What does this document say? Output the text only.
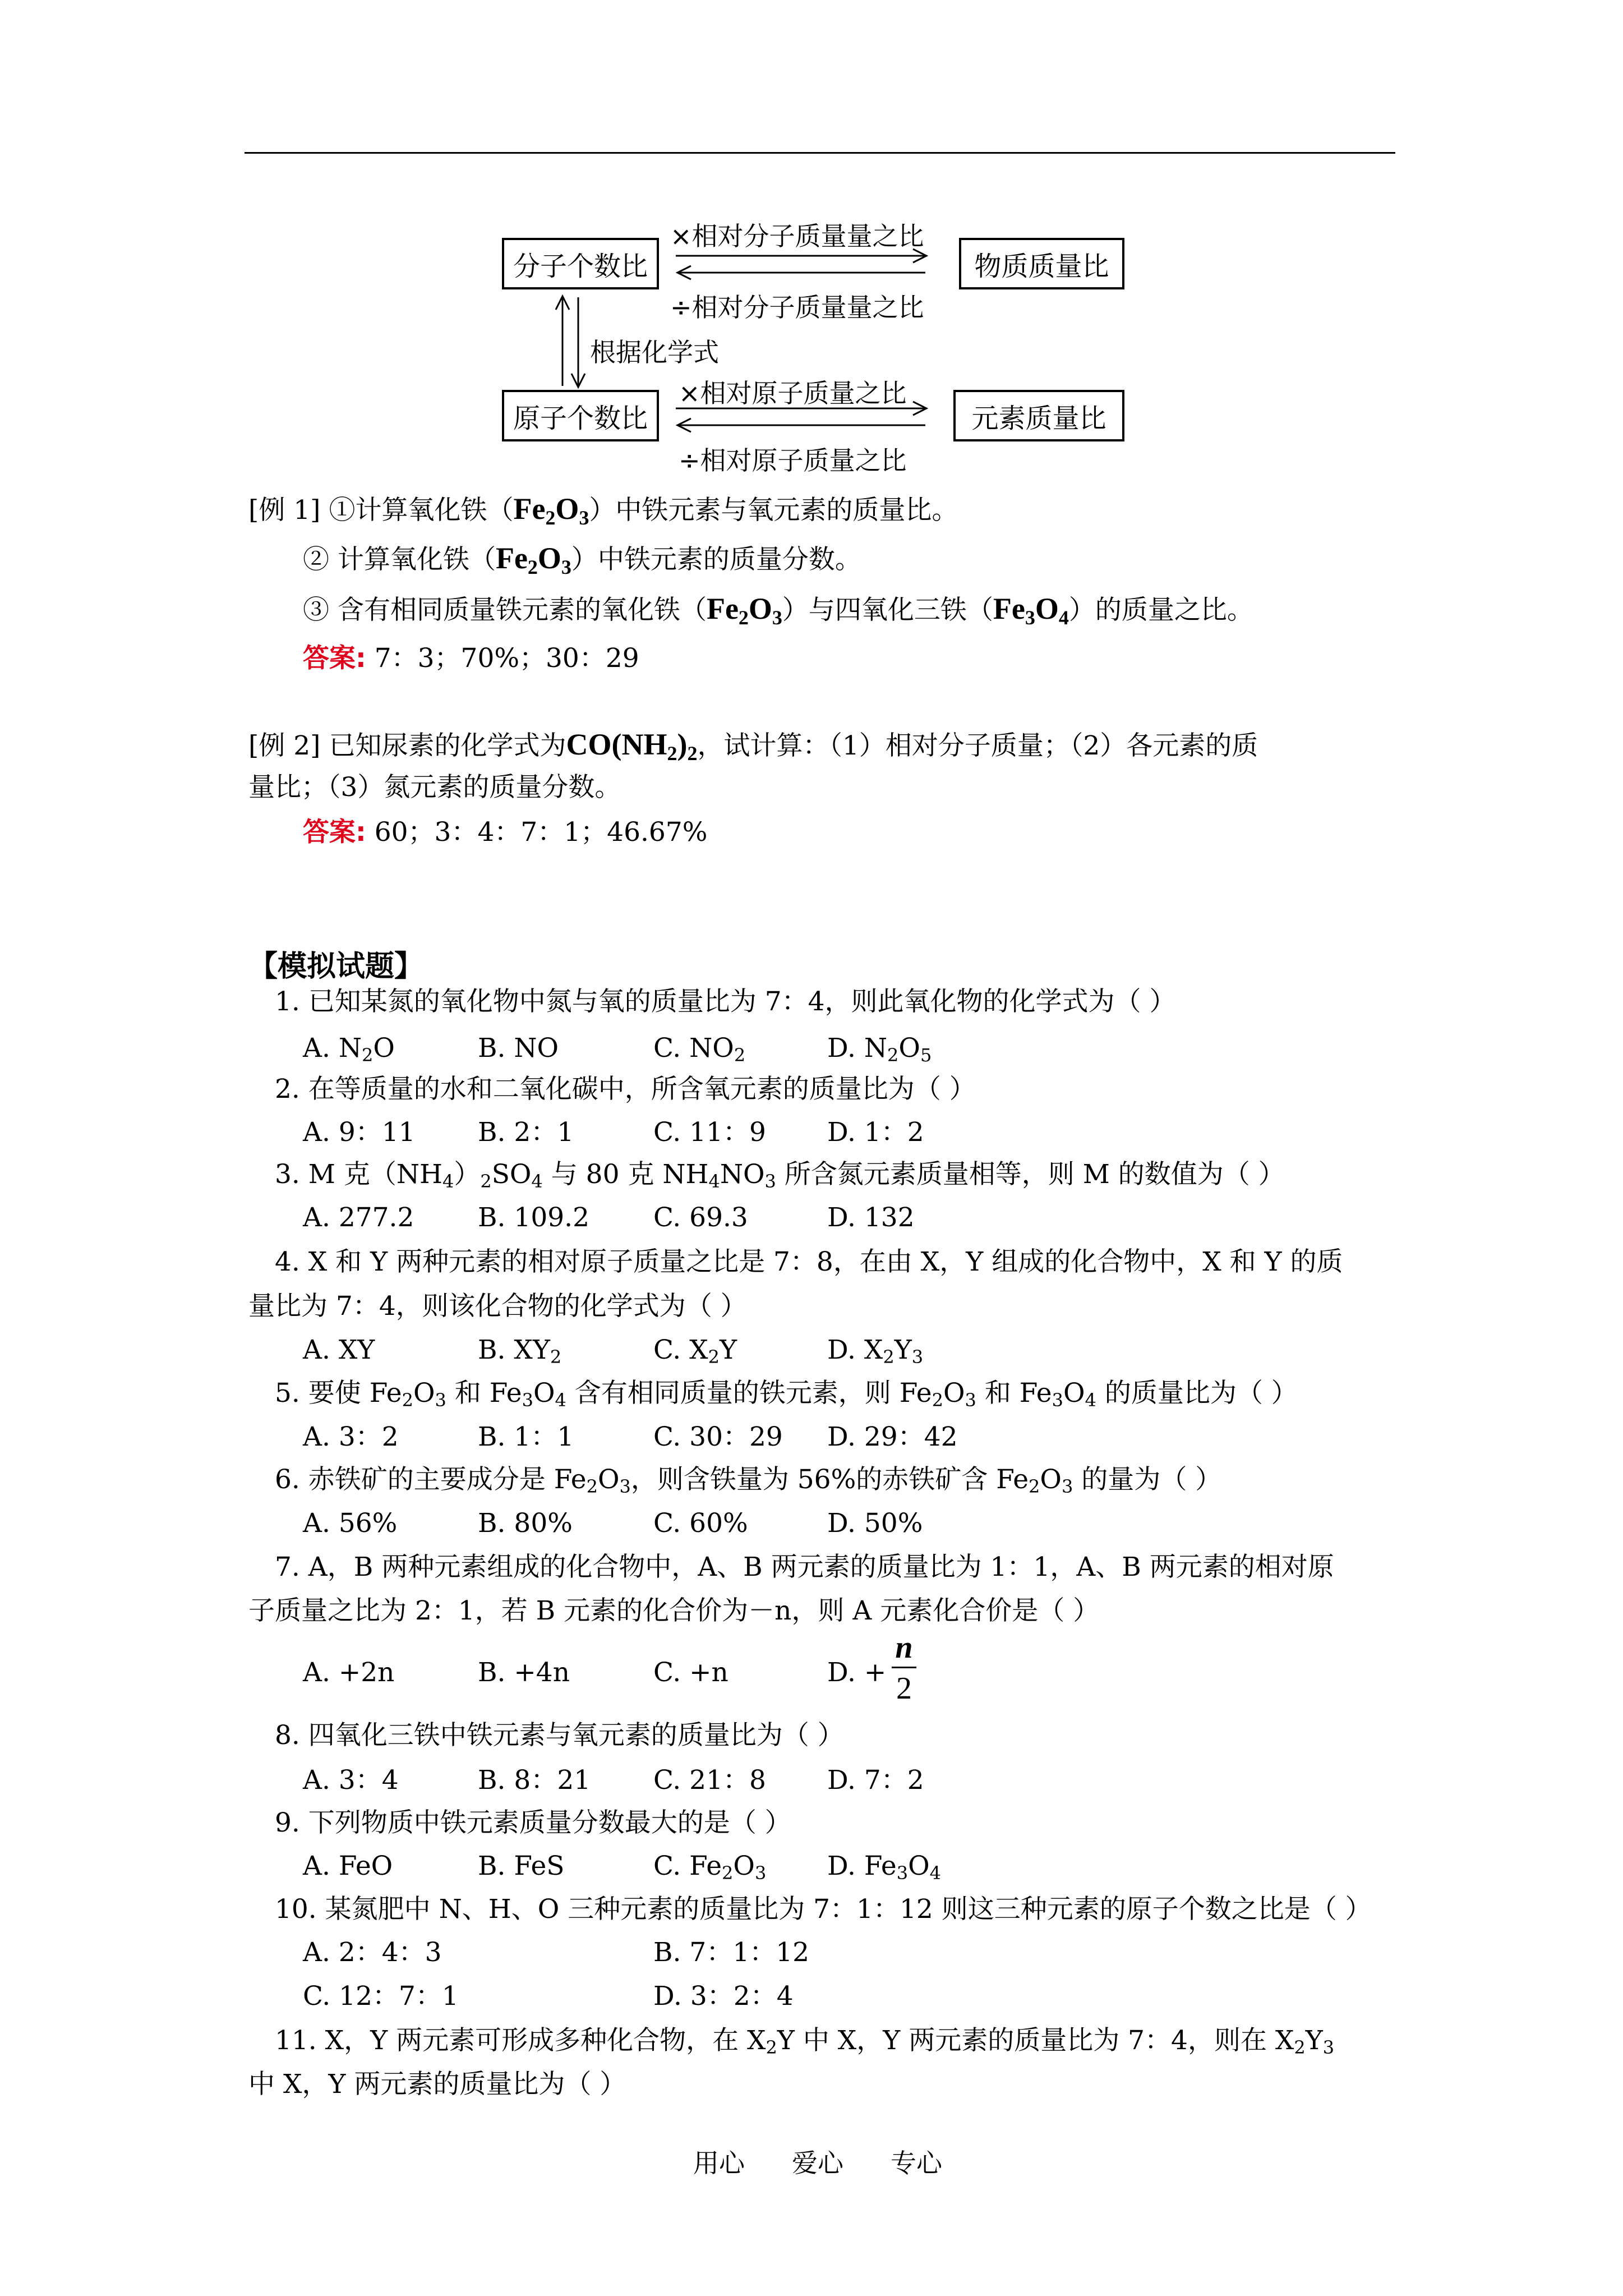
分子个数比	物质质量比
原子个数比	元素质量比
×相对分子质量量之比
÷相对分子质量量之比
根据化学式
×相对原子质量之比
÷相对原子质量之比
[例 1] ①计算氧化铁$(Fe_2O_3)$中铁元素与氧元素的质量比。
② 计算氧化铁$(Fe_2O_3)$中铁元素的质量分数。
③ 含有相同质量铁元素的氧化铁$(Fe_2O_3)$与四氧化三铁$(Fe_3O_4)$的质量之比。
答案: 7：3；70%；30：29
[例 2] 已知尿素的化学式为$CO(NH_2)_2$，试计算：（1）相对分子质量；（2）各元素的质
量比；（3）氮元素的质量分数。
答案: 60；3：4：7：1；46.67%
【模拟试题】
1. 已知某氮的氧化物中氮与氧的质量比为 7：4，则此氧化物的化学式为（ ）
A. $N_2O$	B. NO	C. $NO_2$	D. $N_2O_5$
2. 在等质量的水和二氧化碳中，所含氧元素的质量比为（ ）
A. 9：11 B. 2：1	C. 11：9 D. 1：2
3. M 克$(NH_4)_2SO_4$ 与 80 克 $NH_4NO_3$ 所含氮元素质量相等，则 M 的数值为（ ）
A. 277.2 B. 109.2 C. 69.3	D. 132
4. X 和 Y 两种元素的相对原子质量之比是 7：8，在由 X，Y 组成的化合物中，X 和 Y 的质
量比为 7：4，则该化合物的化学式为（ ）
A. XY	B. $XY_2$	C. $X_2Y$	D. $X_2Y_3$
5. 要使 $Fe_2O_3$ 和 $Fe_3O_4$ 含有相同质量的铁元素，则 $Fe_2O_3$ 和 $Fe_3O_4$ 的质量比为（ ）
A. 3：2	B. 1：1	C. 30：29 D. 29：42
6. 赤铁矿的主要成分是 $Fe_2O_3$，则含铁量为 56%的赤铁矿含 $Fe_2O_3$ 的量为（ ）
A. 56%	B. 80%	C. 60%	D. 50%
7. A，B 两种元素组成的化合物中，A、B 两元素的质量比为 1：1，A、B 两元素的相对原
子质量之比为 2：1，若 B 元素的化合价为－n，则 A 元素化合价是（ ）
A. +2n	B. +4n	C. +n	D. +
n
2
8. 四氧化三铁中铁元素与氧元素的质量比为（ ）
A. 3：4	B. 8：21 C. 21：8 D. 7：2
9. 下列物质中铁元素质量分数最大的是（ ）
A. FeO	B. FeS	C. $Fe_2O_3$ D. $Fe_3O_4$
10. 某氮肥中 N、H、O 三种元素的质量比为 7：1：12 则这三种元素的原子个数之比是（ ）
A. 2：4：3	B. 7：1：12
C. 12：7：1	D. 3：2：4
11. X，Y 两元素可形成多种化合物，在 $X_2Y$ 中 X，Y 两元素的质量比为 7：4，则在 $X_2Y_3$
中 X，Y 两元素的质量比为（ ）
用心 爱心 专心
